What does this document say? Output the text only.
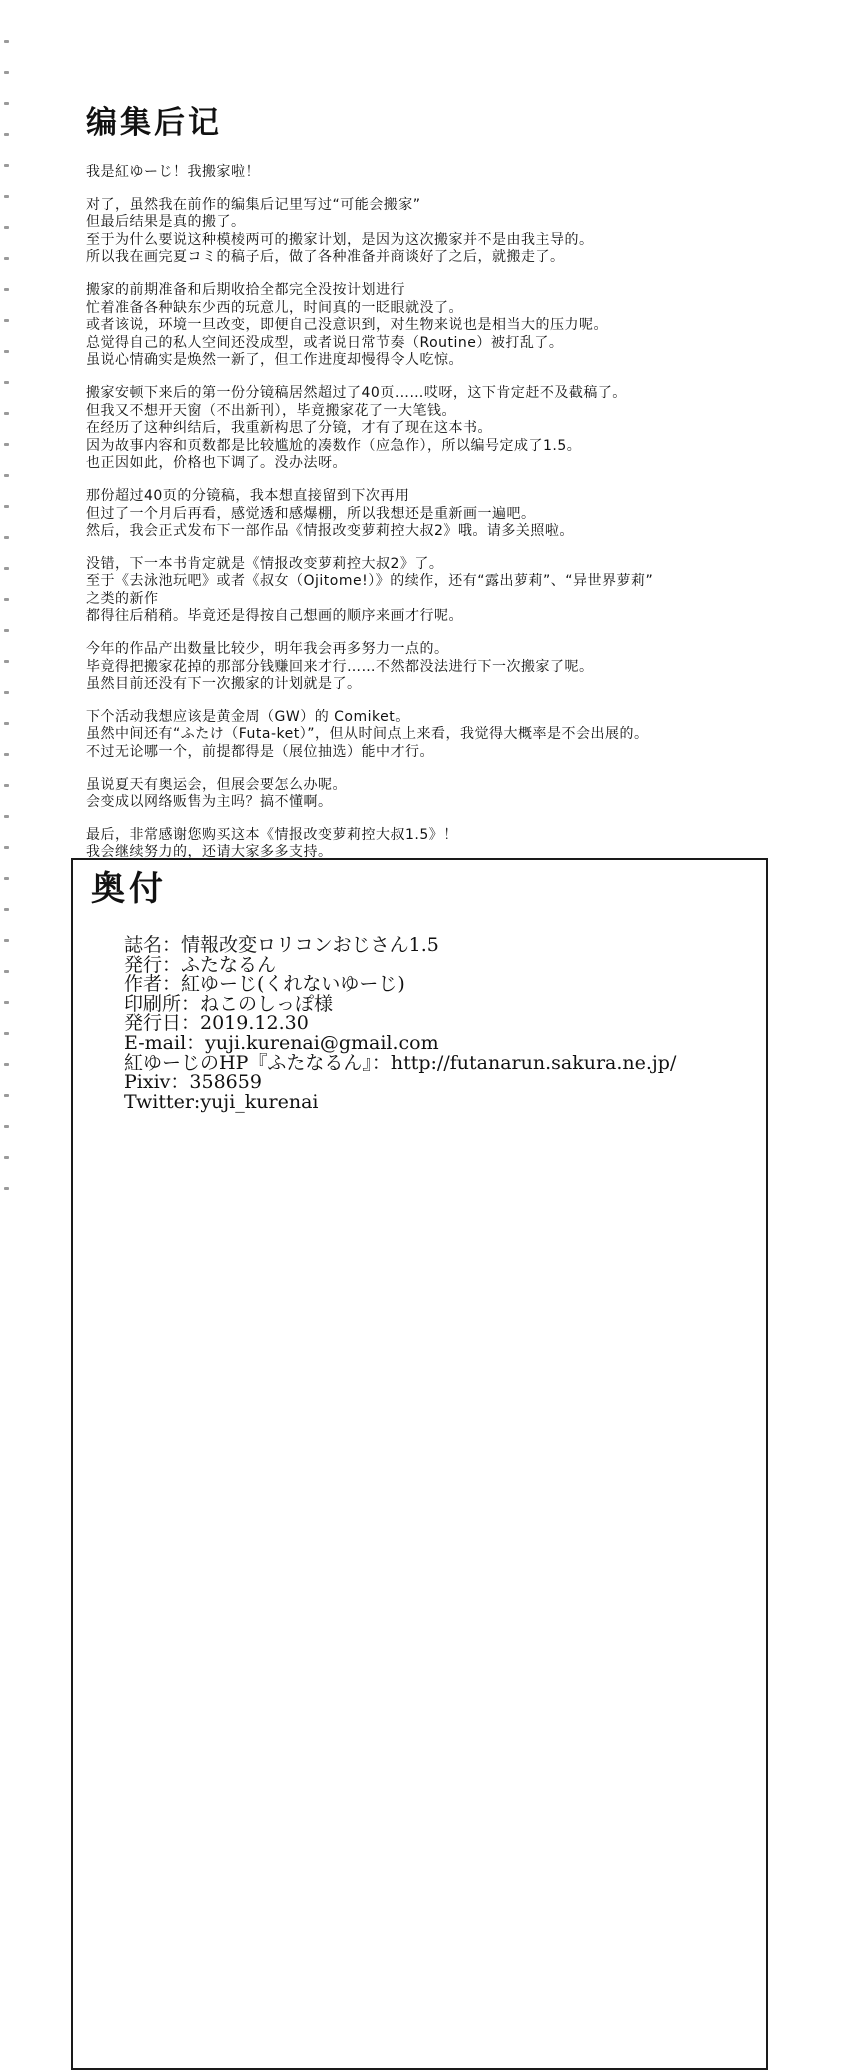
编集后记
我是紅ゆーじ！我搬家啦！
对了，虽然我在前作的编集后记里写过“可能会搬家”
但最后结果是真的搬了。
至于为什么要说这种模棱两可的搬家计划，是因为这次搬家并不是由我主导的。
所以我在画完夏コミ的稿子后，做了各种准备并商谈好了之后，就搬走了。
搬家的前期准备和后期收拾全都完全没按计划进行
忙着准备各种缺东少西的玩意儿，时间真的一眨眼就没了。
或者该说，环境一旦改变，即便自己没意识到，对生物来说也是相当大的压力呢。
总觉得自己的私人空间还没成型，或者说日常节奏（Routine）被打乱了。
虽说心情确实是焕然一新了，但工作进度却慢得令人吃惊。
搬家安顿下来后的第一份分镜稿居然超过了40页……哎呀，这下肯定赶不及截稿了。
但我又不想开天窗（不出新刊），毕竟搬家花了一大笔钱。
在经历了这种纠结后，我重新构思了分镜，才有了现在这本书。
因为故事内容和页数都是比较尴尬的凑数作（应急作），所以编号定成了1.5。
也正因如此，价格也下调了。没办法呀。
那份超过40页的分镜稿，我本想直接留到下次再用
但过了一个月后再看，感觉透和感爆棚，所以我想还是重新画一遍吧。
然后，我会正式发布下一部作品《情报改变萝莉控大叔2》哦。请多关照啦。
没错，下一本书肯定就是《情报改变萝莉控大叔2》了。
至于《去泳池玩吧》或者《叔女（Ojitome!）》的续作，还有“露出萝莉”、“异世界萝莉”
之类的新作
都得往后稍稍。毕竟还是得按自己想画的顺序来画才行呢。
今年的作品产出数量比较少，明年我会再多努力一点的。
毕竟得把搬家花掉的那部分钱赚回来才行……不然都没法进行下一次搬家了呢。
虽然目前还没有下一次搬家的计划就是了。
下个活动我想应该是黄金周（GW）的 Comiket。
虽然中间还有“ふたけ（Futa-ket）”，但从时间点上来看，我觉得大概率是不会出展的。
不过无论哪一个，前提都得是（展位抽选）能中才行。
虽说夏天有奥运会，但展会要怎么办呢。
会变成以网络贩售为主吗？搞不懂啊。
最后，非常感谢您购买这本《情报改变萝莉控大叔1.5》！
我会继续努力的，还请大家多多支持。
奥付
誌名：情報改変ロリコンおじさん1.5
発行：ふたなるん
作者：紅ゆーじ(くれないゆーじ)
印刷所：ねこのしっぽ様
発行日：2019.12.30
E-mail：yuji.kurenai@gmail.com
紅ゆーじのHP『ふたなるん』：http://futanarun.sakura.ne.jp/
Pixiv：358659
Twitter:yuji_kurenai
